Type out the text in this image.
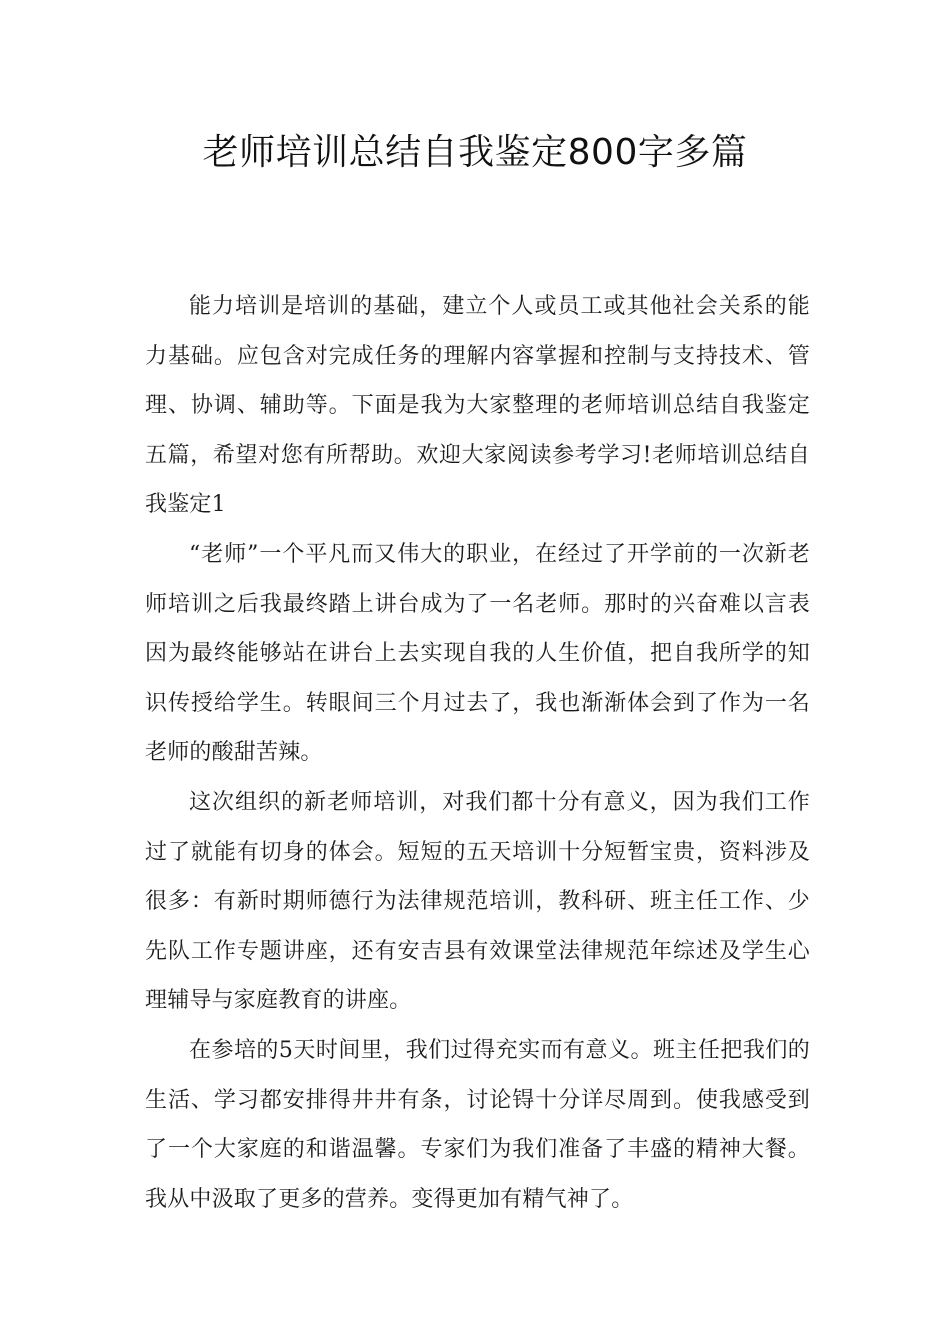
老师培训总结自我鉴定800字多篇

能力培训是培训的基础，建立个人或员工或其他社会关系的能力基础。应包含对完成任务的理解内容掌握和控制与支持技术、管理、协调、辅助等。下面是我为大家整理的老师培训总结自我鉴定五篇，希望对您有所帮助。欢迎大家阅读参考学习!老师培训总结自我鉴定1

“老师”一个平凡而又伟大的职业，在经过了开学前的一次新老师培训之后我最终踏上讲台成为了一名老师。那时的兴奋难以言表因为最终能够站在讲台上去实现自我的人生价值，把自我所学的知识传授给学生。转眼间三个月过去了，我也渐渐体会到了作为一名老师的酸甜苦辣。

这次组织的新老师培训，对我们都十分有意义，因为我们工作过了就能有切身的体会。短短的五天培训十分短暂宝贵，资料涉及很多：有新时期师德行为法律规范培训，教科研、班主任工作、少先队工作专题讲座，还有安吉县有效课堂法律规范年综述及学生心理辅导与家庭教育的讲座。

在参培的5天时间里，我们过得充实而有意义。班主任把我们的生活、学习都安排得井井有条，讨论锝十分详尽周到。使我感受到了一个大家庭的和谐温馨。专家们为我们准备了丰盛的精神大餐。我从中汲取了更多的营养。变得更加有精气神了。
